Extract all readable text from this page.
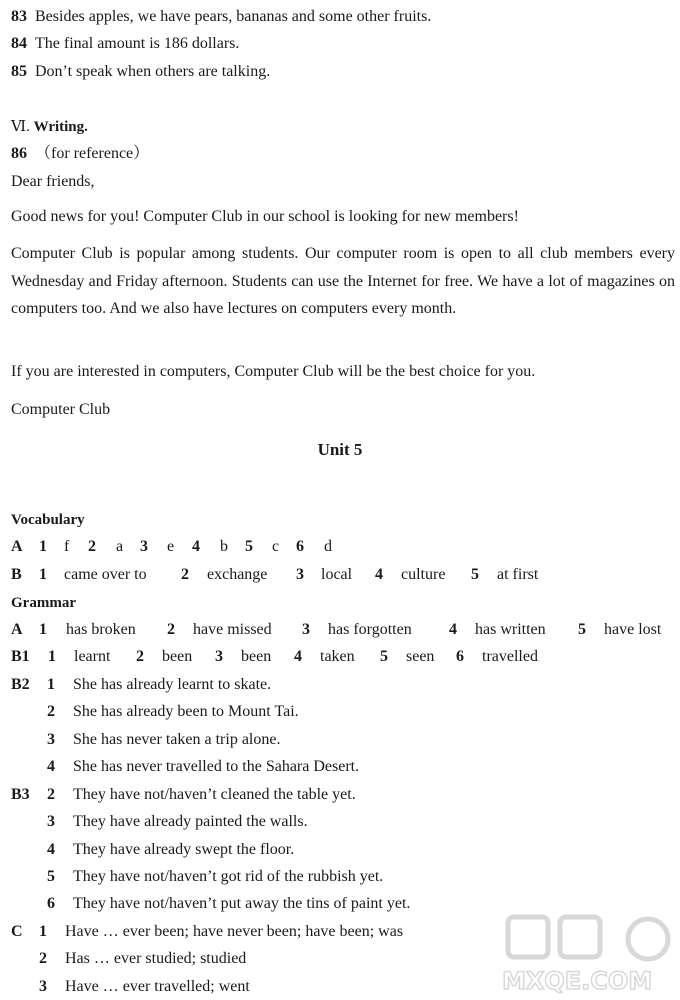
83 Besides apples, we have pears, bananas and some other fruits.
84 The final amount is 186 dollars.
85 Don’t speak when others are talking.
Ⅵ. Writing.
86 （for reference）
Dear friends,
Good news for you! Computer Club in our school is looking for new members!
Computer Club is popular among students. Our computer room is open to all club members every Wednesday and Friday afternoon. Students can use the Internet for free. We have a lot of magazines on computers too. And we also have lectures on computers every month.
If you are interested in computers, Computer Club will be the best choice for you.
Computer Club
Unit 5
Vocabulary
A 1 f 2 a 3 e 4 b 5 c 6 d
B 1 came over to 2 exchange 3 local 4 culture 5 at first
Grammar
A 1 has broken 2 have missed 3 has forgotten 4 has written 5 have lost
B1 1 learnt 2 been 3 been 4 taken 5 seen 6 travelled
B2 1 She has already learnt to skate.
2 She has already been to Mount Tai.
3 She has never taken a trip alone.
4 She has never travelled to the Sahara Desert.
B3 2 They have not/haven’t cleaned the table yet.
3 They have already painted the walls.
4 They have already swept the floor.
5 They have not/haven’t got rid of the rubbish yet.
6 They have not/haven’t put away the tins of paint yet.
C 1 Have … ever been; have never been; have been; was
2 Has … ever studied; studied
3 Have … ever travelled; went	MXQE.COM
